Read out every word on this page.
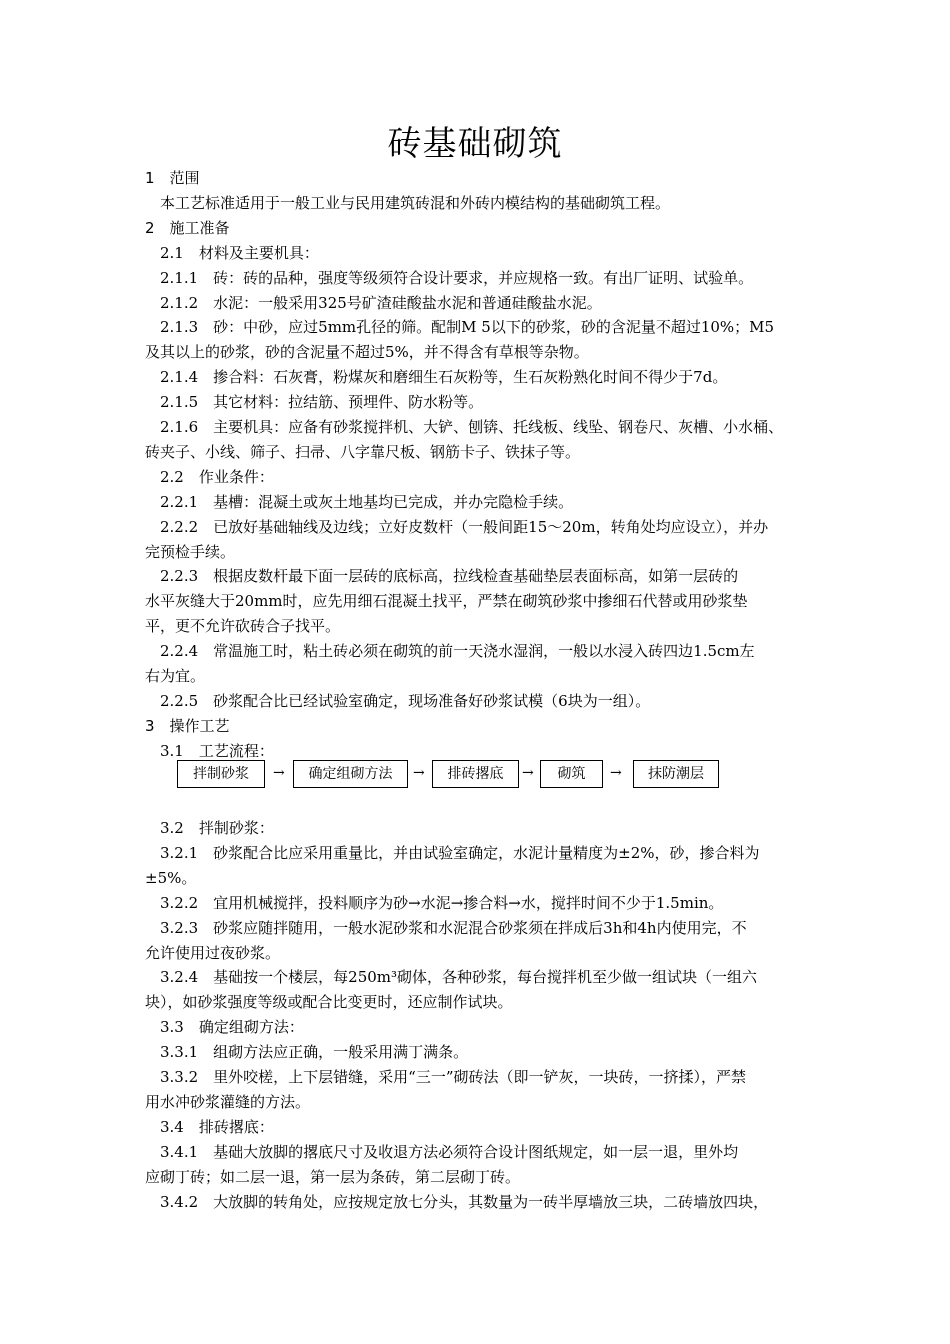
砖基础砌筑
1　范围
　本工艺标准适用于一般工业与民用建筑砖混和外砖内模结构的基础砌筑工程。
2　施工准备
　2.1　材料及主要机具：
　2.1.1　砖：砖的品种，强度等级须符合设计要求，并应规格一致。有出厂证明、试验单。
　2.1.2　水泥：一般采用325号矿渣硅酸盐水泥和普通硅酸盐水泥。
　2.1.3　砂：中砂，应过5mm孔径的筛。配制M 5以下的砂浆，砂的含泥量不超过10%；M5
及其以上的砂浆，砂的含泥量不超过5%，并不得含有草根等杂物。
　2.1.4　掺合料：石灰膏，粉煤灰和磨细生石灰粉等，生石灰粉熟化时间不得少于7d。
　2.1.5　其它材料：拉结筋、预埋件、防水粉等。
　2.1.6　主要机具：应备有砂浆搅拌机、大铲、刨锛、托线板、线坠、钢卷尺、灰槽、小水桶、
砖夹子、小线、筛子、扫帚、八字靠尺板、钢筋卡子、铁抹子等。
　2.2　作业条件：
　2.2.1　基槽：混凝土或灰土地基均已完成，并办完隐检手续。
　2.2.2　已放好基础轴线及边线；立好皮数杆（一般间距15～20m，转角处均应设立），并办
完预检手续。
　2.2.3　根据皮数杆最下面一层砖的底标高，拉线检查基础垫层表面标高，如第一层砖的
水平灰缝大于20mm时，应先用细石混凝土找平，严禁在砌筑砂浆中掺细石代替或用砂浆垫
平，更不允许砍砖合子找平。
　2.2.4　常温施工时，粘土砖必须在砌筑的前一天浇水湿润，一般以水浸入砖四边1.5cm左
右为宜。
　2.2.5　砂浆配合比已经试验室确定，现场准备好砂浆试模（6块为一组）。
3　操作工艺
　3.1　工艺流程：
拌制砂浆	→	确定组砌方法	→	排砖撂底	→	砌筑	→	抹防潮层
　3.2　拌制砂浆：
　3.2.1　砂浆配合比应采用重量比，并由试验室确定，水泥计量精度为±2%，砂，掺合料为
±5%。
　3.2.2　宜用机械搅拌，投料顺序为砂→水泥→掺合料→水，搅拌时间不少于1.5min。
　3.2.3　砂浆应随拌随用，一般水泥砂浆和水泥混合砂浆须在拌成后3h和4h内使用完，不
允许使用过夜砂浆。
　3.2.4　基础按一个楼层，每250m³砌体，各种砂浆，每台搅拌机至少做一组试块（一组六
块），如砂浆强度等级或配合比变更时，还应制作试块。
　3.3　确定组砌方法：
　3.3.1　组砌方法应正确，一般采用满丁满条。
　3.3.2　里外咬槎，上下层错缝，采用“三一”砌砖法（即一铲灰，一块砖，一挤揉），严禁
用水冲砂浆灌缝的方法。
　3.4　排砖撂底：
　3.4.1　基础大放脚的撂底尺寸及收退方法必须符合设计图纸规定，如一层一退，里外均
应砌丁砖；如二层一退，第一层为条砖，第二层砌丁砖。
　3.4.2　大放脚的转角处，应按规定放七分头，其数量为一砖半厚墙放三块，二砖墙放四块，
